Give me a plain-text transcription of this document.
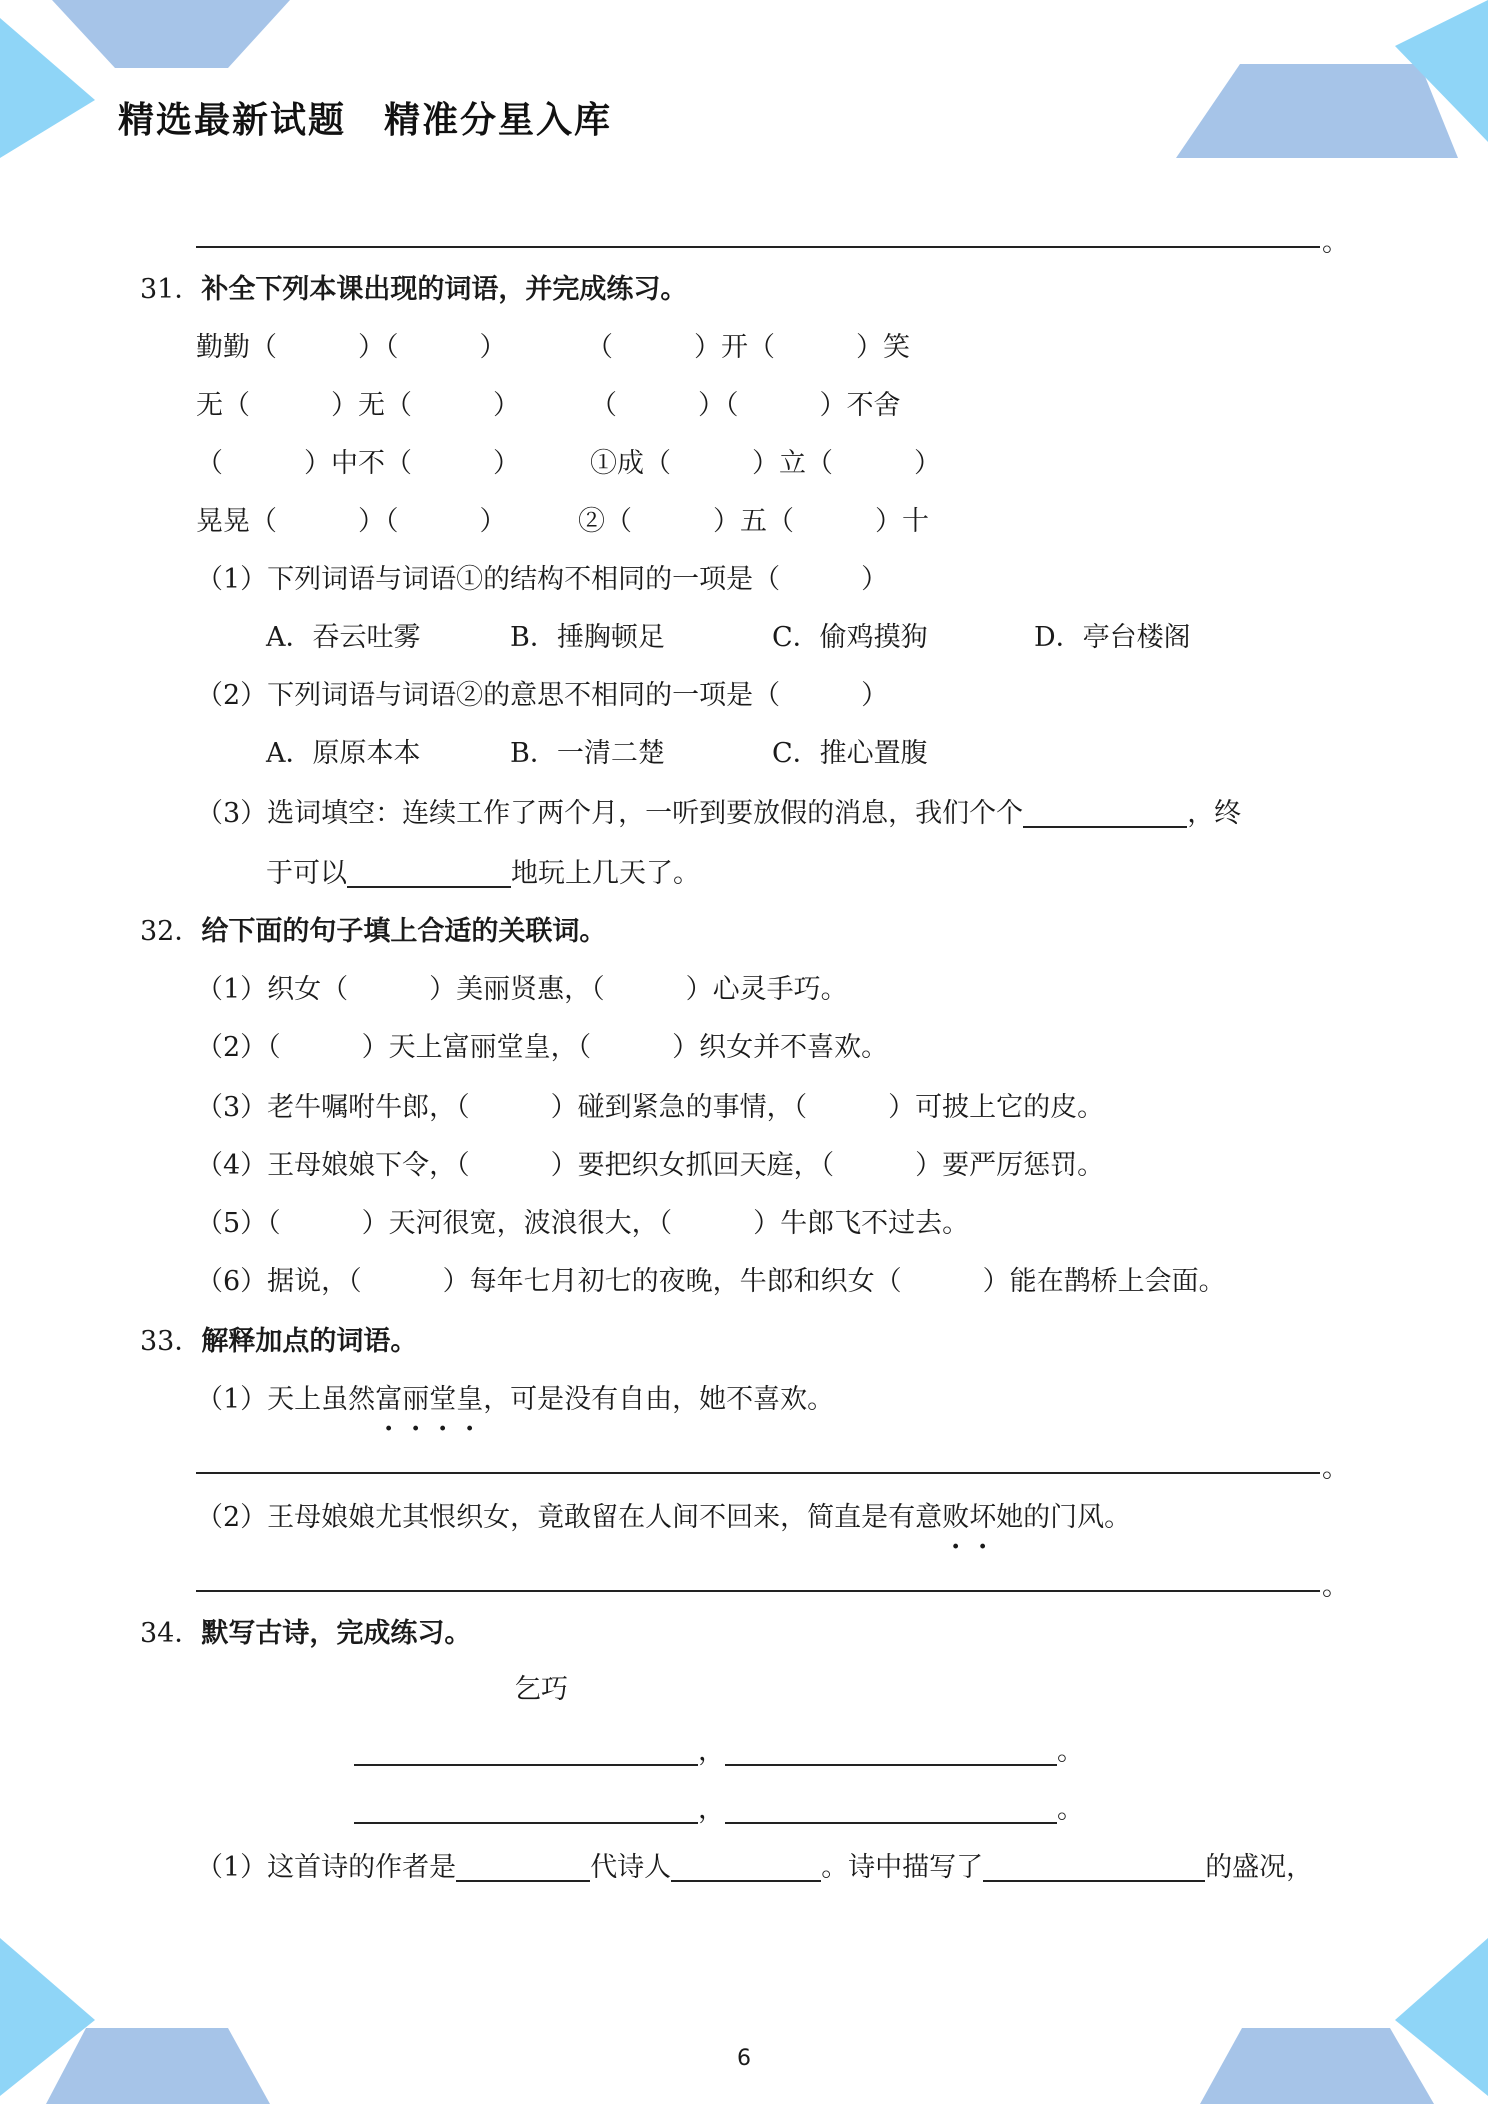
精选最新试题　精准分星入库
。
31．补全下列本课出现的词语，并完成练习。
勤勤（　　　）（　　　）	（　　　）开（　　　）笑
无（　　　）无（　　　）	（　　　）（　　　）不舍
（　　　）中不（　　　）	①成（　　　）立（　　　）
晃晃（　　　）（　　　）	②（　　　）五（　　　）十
（1）下列词语与词语①的结构不相同的一项是（　　　）
A．吞云吐雾	B．捶胸顿足	C．偷鸡摸狗	D．亭台楼阁
（2）下列词语与词语②的意思不相同的一项是（　　　）
A．原原本本	B．一清二楚	C．推心置腹
（3）选词填空：连续工作了两个月，一听到要放假的消息，我们个个	，终
于可以	地玩上几天了。
32．给下面的句子填上合适的关联词。
（1）织女（　　　）美丽贤惠，（　　　）心灵手巧。
（2）（　　　）天上富丽堂皇，（　　　）织女并不喜欢。
（3）老牛嘱咐牛郎，（　　　）碰到紧急的事情，（　　　）可披上它的皮。
（4）王母娘娘下令，（　　　）要把织女抓回天庭，（　　　）要严厉惩罚。
（5）（　　　）天河很宽，波浪很大，（　　　）牛郎飞不过去。
（6）据说，（　　　）每年七月初七的夜晚，牛郎和织女（　　　）能在鹊桥上会面。
33．解释加点的词语。
（1）天上虽然富丽堂皇，可是没有自由，她不喜欢。
。
（2）王母娘娘尤其恨织女，竟敢留在人间不回来，简直是有意败坏她的门风。
。
34．默写古诗，完成练习。
乞巧
，	。
，	。
（1）这首诗的作者是	代诗人	。诗中描写了	的盛况，
6
